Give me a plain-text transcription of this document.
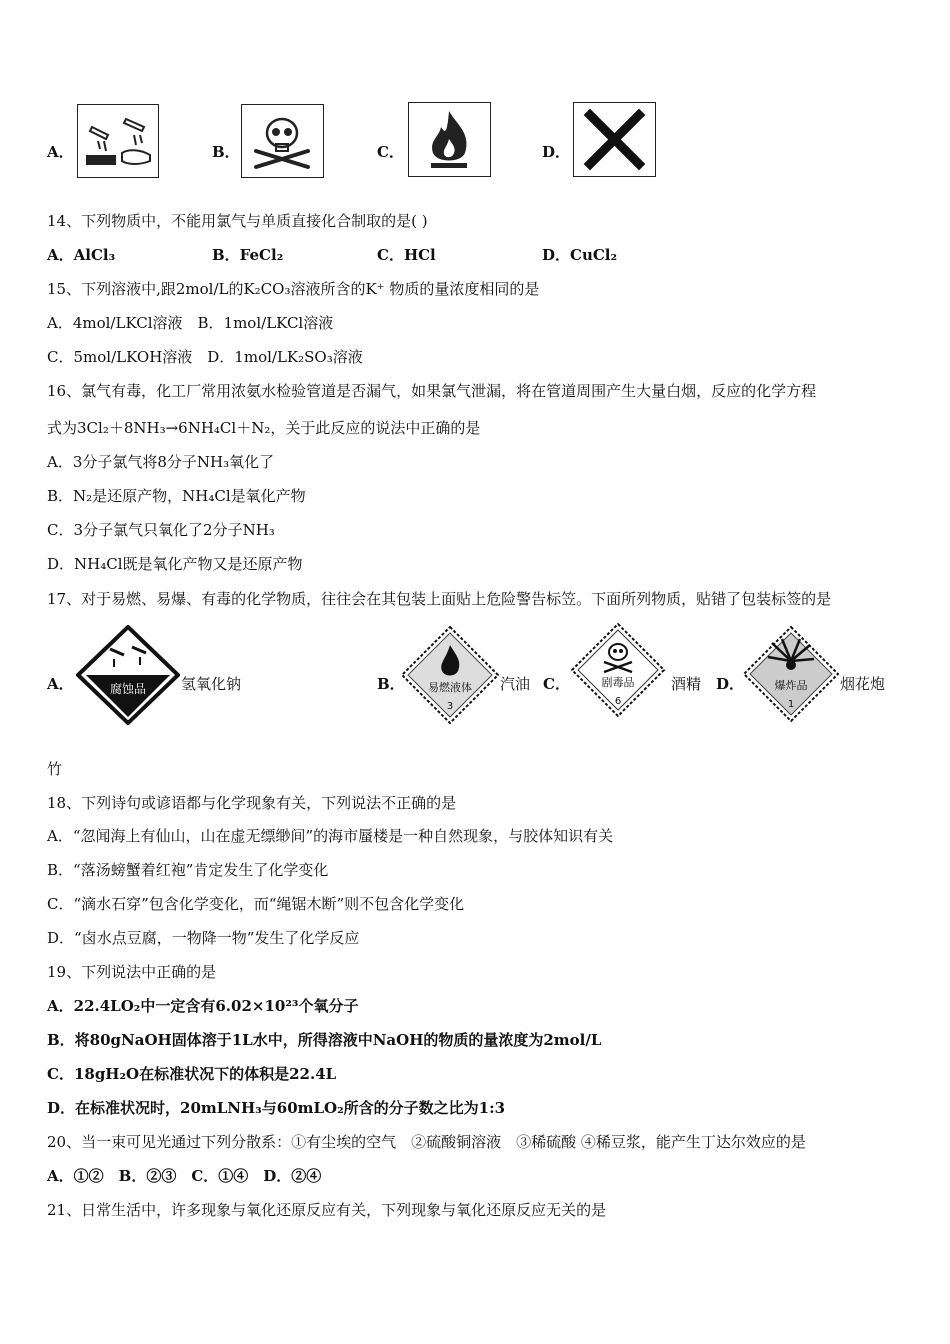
A．	B．	C．	D．
14、下列物质中，不能用氯气与单质直接化合制取的是( )
A．AlCl₃	B．FeCl₂	C．HCl	D．CuCl₂
15、下列溶液中,跟2mol/L的K₂CO₃溶液所含的K⁺ 物质的量浓度相同的是
A．4mol/LKCl溶液　B．1mol/LKCl溶液
C．5mol/LKOH溶液　D．1mol/LK₂SO₃溶液
16、氯气有毒，化工厂常用浓氨水检验管道是否漏气，如果氯气泄漏，将在管道周围产生大量白烟，反应的化学方程
式为3Cl₂＋8NH₃→6NH₄Cl＋N₂，关于此反应的说法中正确的是
A．3分子氯气将8分子NH₃氧化了
B．N₂是还原产物，NH₄Cl是氧化产物
C．3分子氯气只氧化了2分子NH₃
D．NH₄Cl既是氧化产物又是还原产物
17、对于易燃、易爆、有毒的化学物质，往往会在其包装上面贴上危险警告标笠。下面所列物质，贴错了包装标签的是
A．	腐蚀品 氢氧化钠	B． 易燃液体
3
汽油 C．	剧毒品
6
酒精 D．	爆炸品
1
烟花炮
竹
18、下列诗句或谚语都与化学现象有关，下列说法不正确的是
A．“忽闻海上有仙山，山在虚无缥缈间”的海市蜃楼是一种自然现象，与胶体知识有关
B．“落汤螃蟹着红袍”肯定发生了化学变化
C．“滴水石穿”包含化学变化，而“绳锯木断”则不包含化学变化
D．“卤水点豆腐，一物降一物”发生了化学反应
19、下列说法中正确的是
A．22.4LO₂中一定含有6.02×10²³个氧分子
B．将80gNaOH固体溶于1L水中，所得溶液中NaOH的物质的量浓度为2mol/L
C．18gH₂O在标准状况下的体积是22.4L
D．在标准状况时，20mLNH₃与60mLO₂所含的分子数之比为1:3
20、当一束可见光通过下列分散系：①有尘埃的空气　②硫酸铜溶液　③稀硫酸 ④稀豆浆，能产生丁达尔效应的是
A．①②　B．②③　C．①④　D．②④
21、日常生活中，许多现象与氧化还原反应有关，下列现象与氧化还原反应无关的是
